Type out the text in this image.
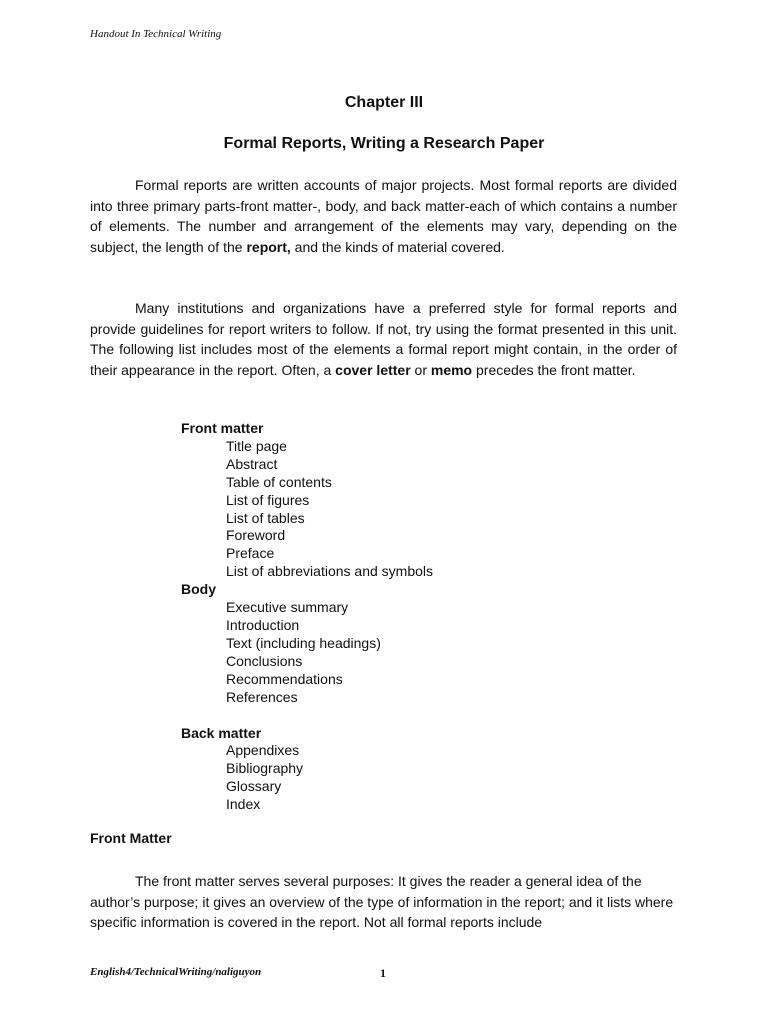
Handout In Technical Writing
Chapter III
Formal Reports, Writing a Research Paper

Formal reports are written accounts of major projects. Most formal reports are divided into three primary parts-front matter-, body, and back matter-each of which contains a number of elements. The number and arrangement of the elements may vary, depending on the subject, the length of the report, and the kinds of material covered.

Many institutions and organizations have a preferred style for formal reports and provide guidelines for report writers to follow. If not, try using the format presented in this unit. The following list includes most of the elements a formal report might contain, in the order of their appearance in the report. Often, a cover letter or memo precedes the front matter.

Front matter
Title page
Abstract
Table of contents
List of figures
List of tables
Foreword
Preface
List of abbreviations and symbols
Body
Executive summary
Introduction
Text (including headings)
Conclusions
Recommendations
References
Back matter
Appendixes
Bibliography
Glossary
Index
Front Matter

The front matter serves several purposes: It gives the reader a general idea of the author’s purpose; it gives an overview of the type of information in the report; and it lists where specific information is covered in the report. Not all formal reports include

English4/TechnicalWriting/naliguyon	1
